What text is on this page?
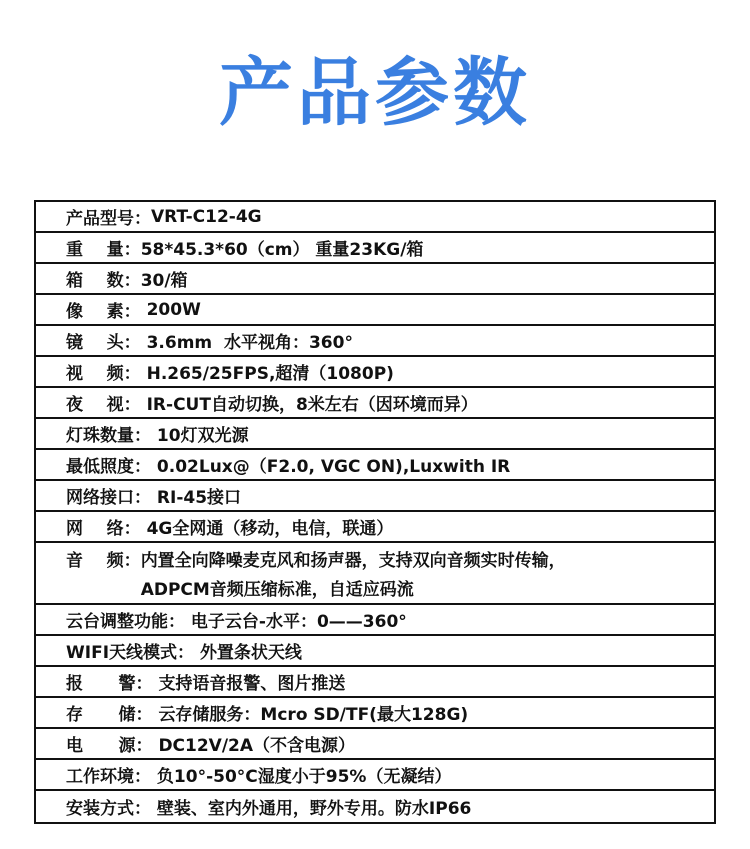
产品参数
产品型号： VRT-C12-4G
重    量： 58*45.3*60（cm） 重量23KG/箱
箱    数： 30/箱
像    素： 200W
镜    头： 3.6mm  水平视角：360°
视    频： H.265/25FPS,超清（1080P)
夜    视： IR-CUT自动切换，8米左右（因环境而异）
灯珠数量： 10灯双光源
最低照度： 0.02Lux@（F2.0, VGC ON),Luxwith IR
网络接口： RI-45接口
网    络： 4G全网通（移动，电信，联通）
音    频： 内置全向降噪麦克风和扬声器，支持双向音频实时传输，ADPCM音频压缩标准，自适应码流
云台调整功能： 电子云台-水平：0——360°
WIFI天线模式： 外置条状天线
报      警： 支持语音报警、图片推送
存      储： 云存储服务：Mcro SD/TF(最大128G)
电      源： DC12V/2A（不含电源）
工作环境： 负10°-50°C湿度小于95%（无凝结）
安装方式： 壁装、室内外通用，野外专用。防水IP66
